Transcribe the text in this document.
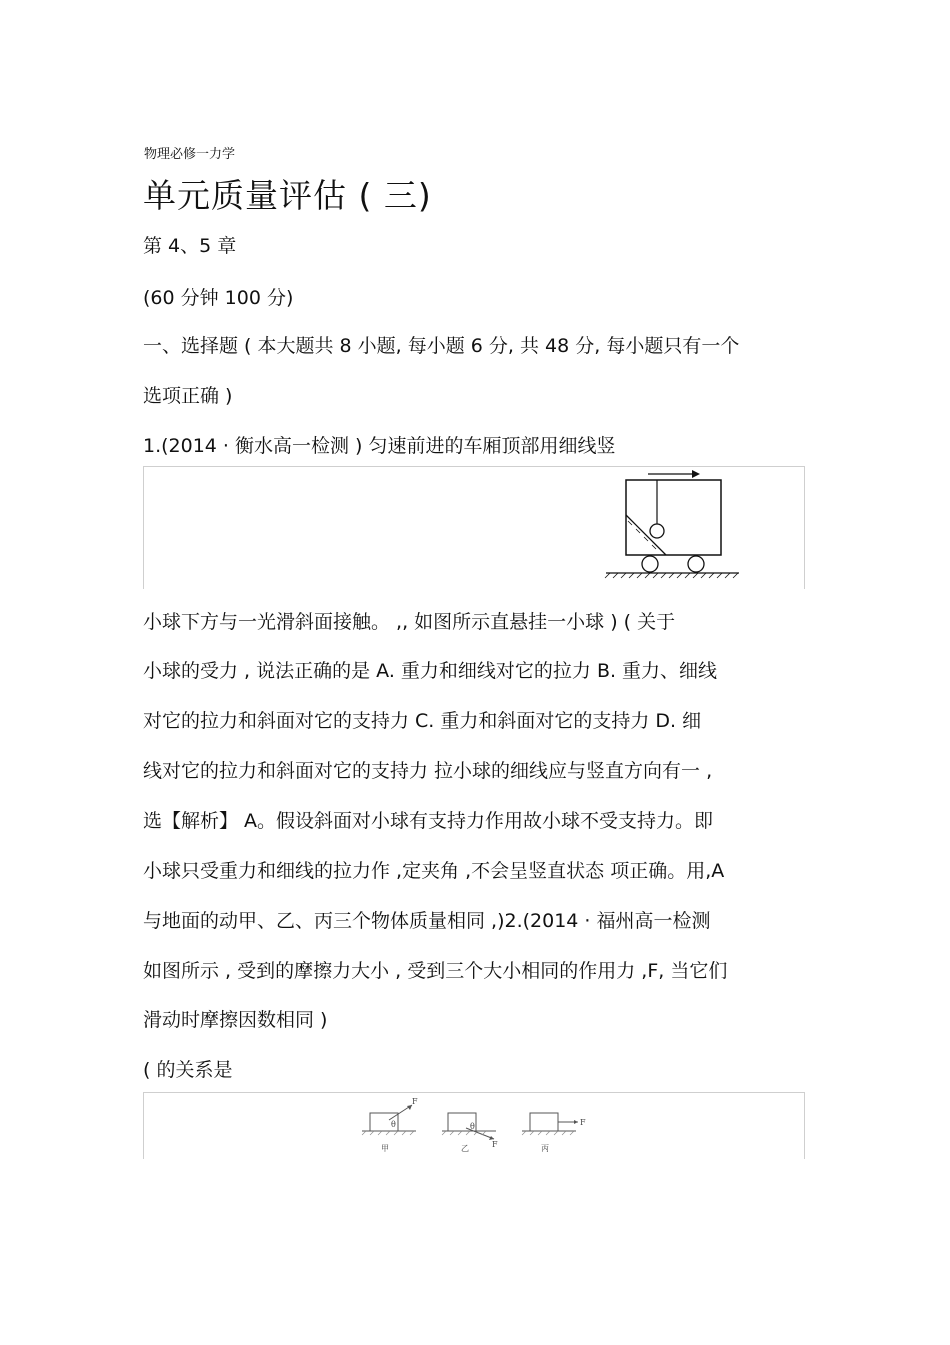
物理必修一力学
单元质量评估 ( 三)
第 4、5 章
(60 分钟 100 分)
一、选择题 ( 本大题共 8 小题, 每小题 6 分, 共 48 分, 每小题只有一个
选项正确 )
1.(2014 · 衡水高一检测 ) 匀速前进的车厢顶部用细线竖
小球下方与一光滑斜面接触。 ,, 如图所示直悬挂一小球 ) ( 关于
小球的受力 , 说法正确的是 A. 重力和细线对它的拉力 B. 重力、细线
对它的拉力和斜面对它的支持力 C. 重力和斜面对它的支持力 D. 细
线对它的拉力和斜面对它的支持力 拉小球的细线应与竖直方向有一 ,
选【解析】 A。假设斜面对小球有支持力作用故小球不受支持力。即
小球只受重力和细线的拉力作 ,定夹角 ,不会呈竖直状态 项正确。用,A
与地面的动甲、乙、丙三个物体质量相同 ,)2.(2014 · 福州高一检测
如图所示 , 受到的摩擦力大小 , 受到三个大小相同的作用力 ,F, 当它们
滑动时摩擦因数相同 )
( 的关系是
F
F
F
θ	θ
甲	乙	丙
